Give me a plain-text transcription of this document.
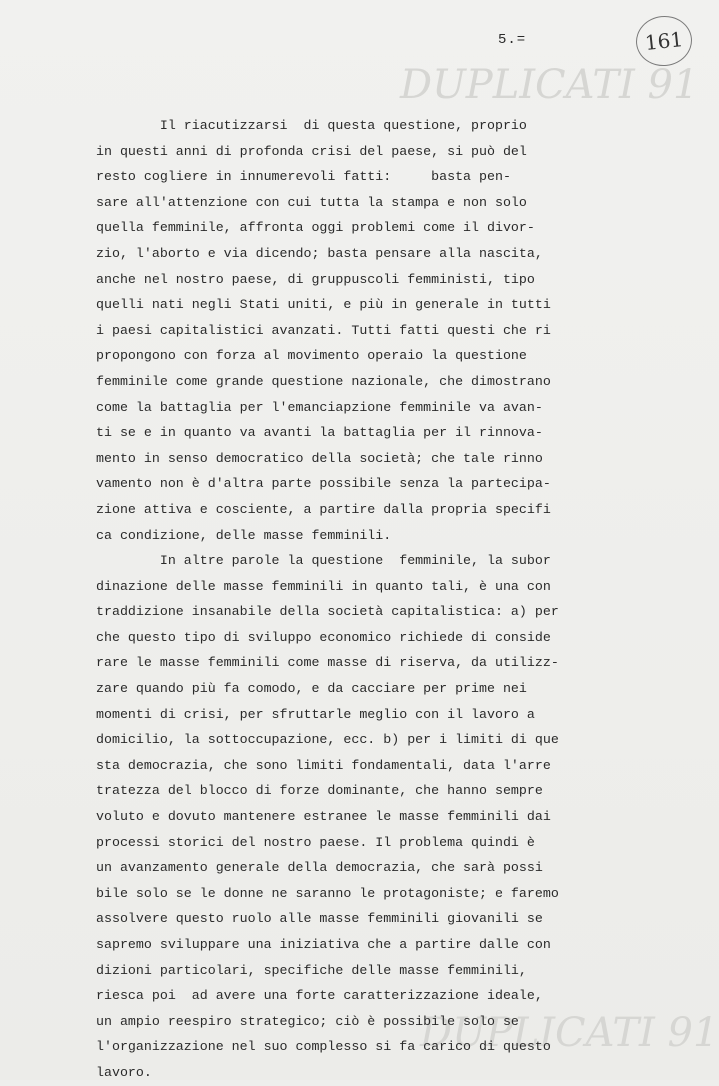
DUPLICATI 91
DUPLICATI 91
5.=	161
Il riacutizzarsi  di questa questione, proprio
in questi anni di profonda crisi del paese, si può del
resto cogliere in innumerevoli fatti:     basta pen-
sare all'attenzione con cui tutta la stampa e non solo
quella femminile, affronta oggi problemi come il divor-
zio, l'aborto e via dicendo; basta pensare alla nascita,
anche nel nostro paese, di gruppuscoli femministi, tipo
quelli nati negli Stati uniti, e più in generale in tutti
i paesi capitalistici avanzati. Tutti fatti questi che ri
propongono con forza al movimento operaio la questione
femminile come grande questione nazionale, che dimostrano
come la battaglia per l'emanciapzione femminile va avan-
ti se e in quanto va avanti la battaglia per il rinnova-
mento in senso democratico della società; che tale rinno
vamento non è d'altra parte possibile senza la partecipa-
zione attiva e cosciente, a partire dalla propria specifi
ca condizione, delle masse femminili.
In altre parole la questione  femminile, la subor
dinazione delle masse femminili in quanto tali, è una con
traddizione insanabile della società capitalistica: a) per
che questo tipo di sviluppo economico richiede di conside
rare le masse femminili come masse di riserva, da utilizz-
zare quando più fa comodo, e da cacciare per prime nei
momenti di crisi, per sfruttarle meglio con il lavoro a
domicilio, la sottoccupazione, ecc. b) per i limiti di que
sta democrazia, che sono limiti fondamentali, data l'arre
tratezza del blocco di forze dominante, che hanno sempre
voluto e dovuto mantenere estranee le masse femminili dai
processi storici del nostro paese. Il problema quindi è
un avanzamento generale della democrazia, che sarà possi
bile solo se le donne ne saranno le protagoniste; e faremo
assolvere questo ruolo alle masse femminili giovanili se
sapremo sviluppare una iniziativa che a partire dalle con
dizioni particolari, specifiche delle masse femminili,
riesca poi  ad avere una forte caratterizzazione ideale,
un ampio reespiro strategico; ciò è possibile solo se
l'organizzazione nel suo complesso si fa carico di questo
lavoro.
